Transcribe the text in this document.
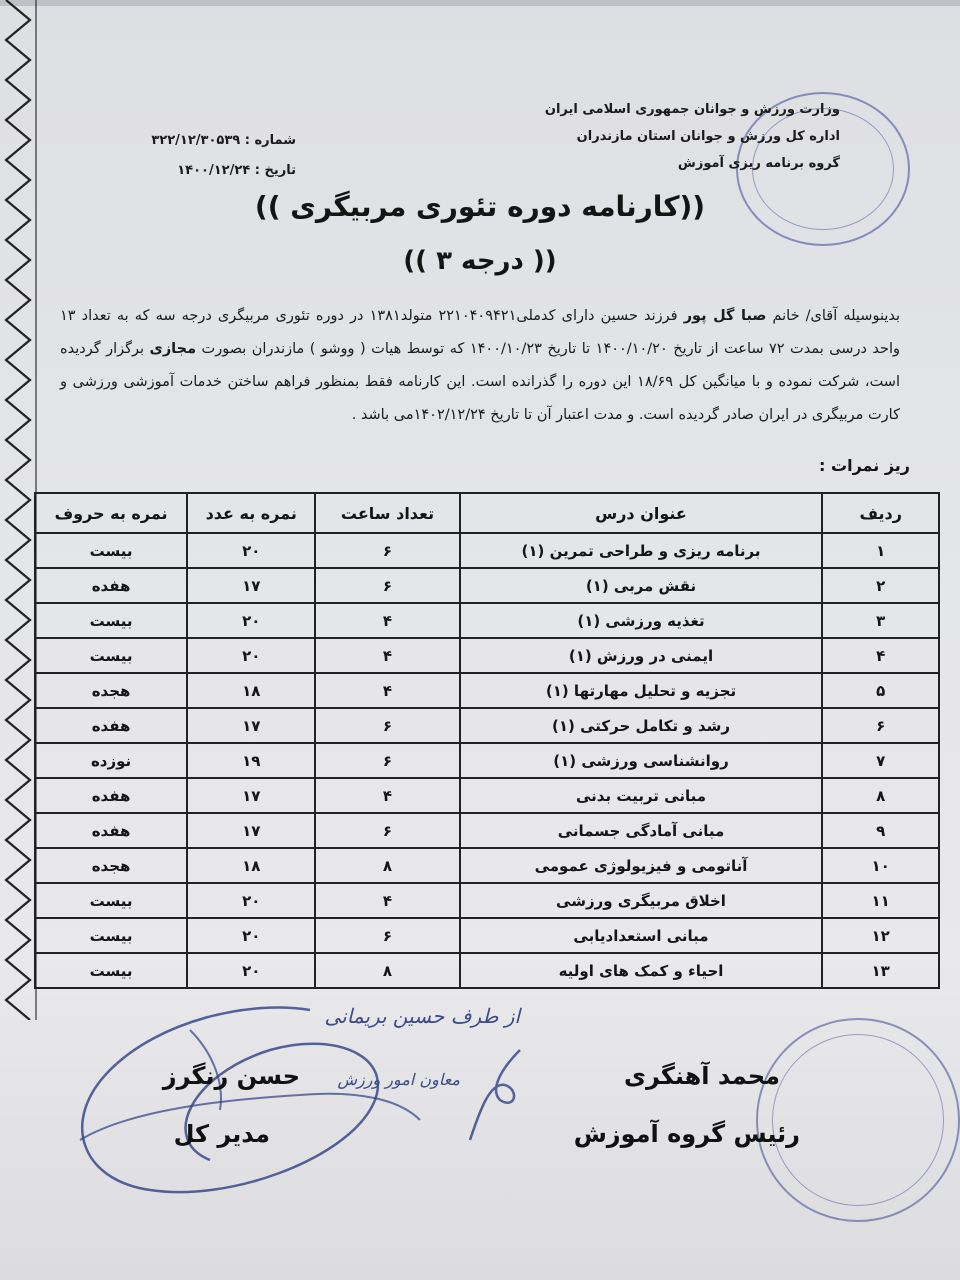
وزارت ورزش و جوانان جمهوری اسلامی ایران
اداره کل ورزش و جوانان استان مازندران
گروه برنامه ریزی آموزش
شماره : ۳۲۲/۱۲/۳۰۵۳۹
تاریخ : ۱۴۰۰/۱۲/۲۴
((کارنامه دوره تئوری مربیگری ))
(( درجه ۳ ))
بدینوسیله آقای/ خانم صبا گل پور فرزند حسین دارای کدملی۲۲۱۰۴۰۹۴۲۱ متولد۱۳۸۱ در دوره تئوری مربیگری درجه سه که به تعداد ۱۳ واحد درسی بمدت ۷۲ ساعت از تاریخ ۱۴۰۰/۱۰/۲۰ تا تاریخ ۱۴۰۰/۱۰/۲۳ که توسط هیات ( ووشو ) مازندران بصورت مجازی برگزار گردیده است، شرکت نموده و با میانگین کل ۱۸/۶۹ این دوره را گذرانده است. این کارنامه فقط بمنظور فراهم ساختن خدمات آموزشی ورزشی و کارت مربیگری در ایران صادر گردیده است. و مدت اعتبار آن تا تاریخ ۱۴۰۲/۱۲/۲۴می باشد .
ریز نمرات :
ردیف	عنوان درس	تعداد ساعت	نمره به عدد	نمره به حروف
۱	برنامه ریزی و طراحی تمرین (۱)	۶	۲۰	بیست
۲	نقش مربی (۱)	۶	۱۷	هفده
۳	تغذیه ورزشی (۱)	۴	۲۰	بیست
۴	ایمنی در ورزش (۱)	۴	۲۰	بیست
۵	تجزیه و تحلیل مهارتها (۱)	۴	۱۸	هجده
۶	رشد و تکامل حرکتی (۱)	۶	۱۷	هفده
۷	روانشناسی ورزشی (۱)	۶	۱۹	نوزده
۸	مبانی تربیت بدنی	۴	۱۷	هفده
۹	مبانی آمادگی جسمانی	۶	۱۷	هفده
۱۰	آناتومی و فیزیولوژی عمومی	۸	۱۸	هجده
۱۱	اخلاق مربیگری ورزشی	۴	۲۰	بیست
۱۲	مبانی استعدادیابی	۶	۲۰	بیست
۱۳	احیاء و کمک های اولیه	۸	۲۰	بیست
از طرف حسین بریمانی
معاون امور ورزش	محمد آهنگری
رئیس گروه آموزش
حسن رنگرز
مدیر کل
